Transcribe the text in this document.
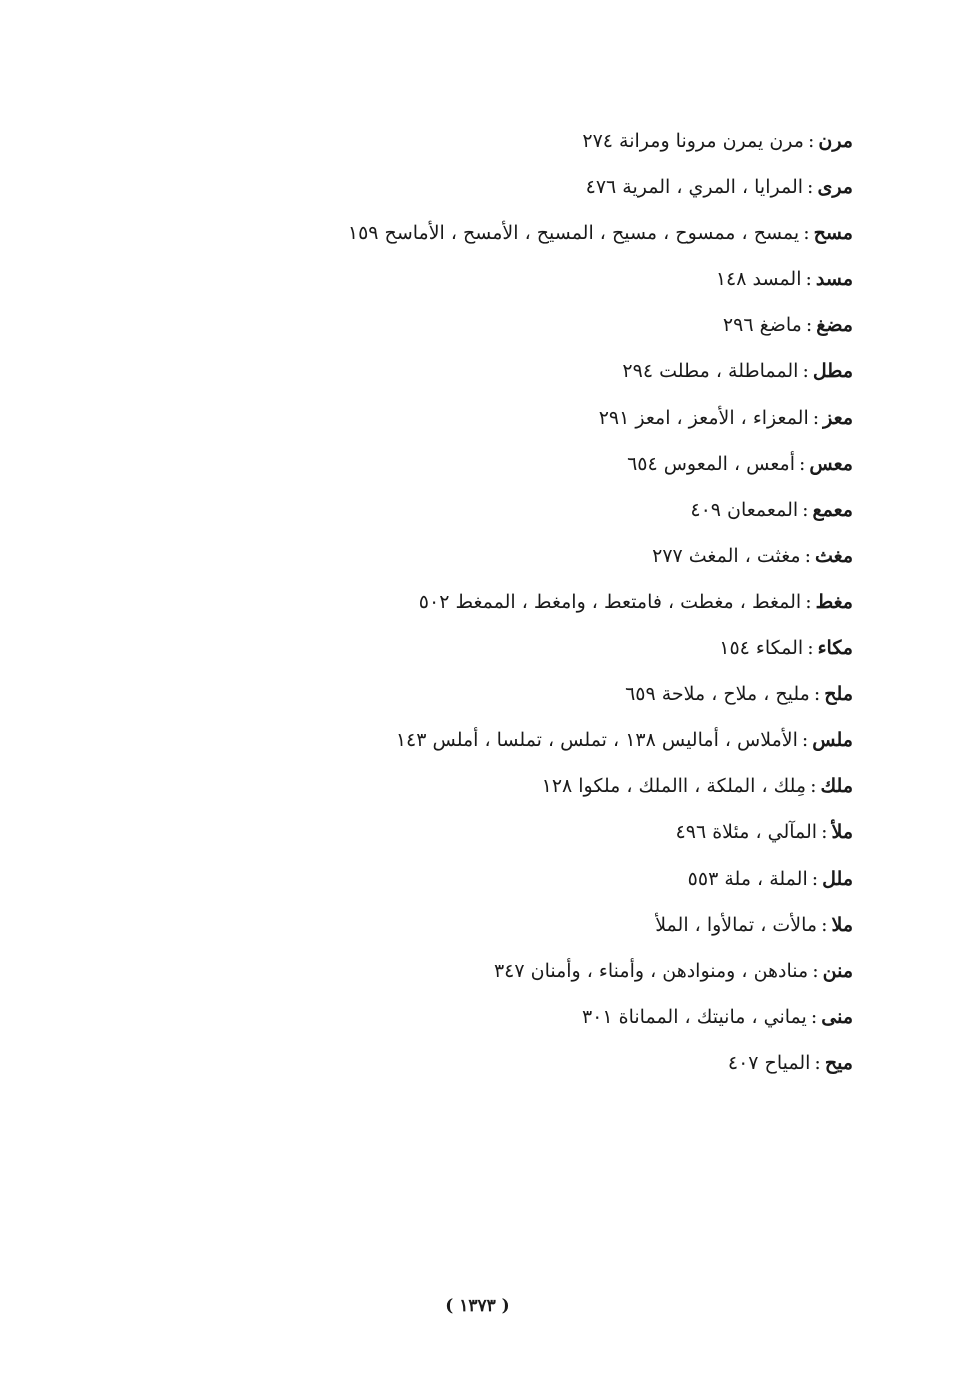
مرن:مرن يمرن مرونا ومرانة ٢٧٤
مرى:المرايا ، المري ، المرية ٤٧٦
مسح:يمسح ، ممسوح ، مسيح ، المسيح ، الأمسح ، الأماسح ١٥٩
مسد:المسد ١٤٨
مضغ:ماضغ ٢٩٦
مطل:المماطلة ، مطلت ٢٩٤
معز:المعزاء ، الأمعز ، امعز ٢٩١
معس:أمعس ، المعوس ٦٥٤
معمع:المعمعان ٤٠٩
مغث:مغثت ، المغث ٢٧٧
مغط:المغط ، مغطت ، فامتعط ، وامغط ، الممغط ٥٠٢
مكاء:المكاء ١٥٤
ملح:مليح ، ملاح ، ملاحة ٦٥٩
ملس:الأملاس ، أماليس ١٣٨ ، تملس ، تملسا ، أملس ١٤٣
ملك:مِلك ، الملكة ، االملك ، ملكوا ١٢٨
ملأ:المآلي ، مئلاة ٤٩٦
ملل:الملة ، ملة ٥٥٣
ملا:مالأت ، تمالأوا ، الملأ
منن:منادهن ، ومنوادهن ، وأمناء ، وأمنان ٣٤٧
منى:يماني ، مانيتك ، المماناة ٣٠١
ميح:المياح ٤٠٧
( ١٣٧٣ )
